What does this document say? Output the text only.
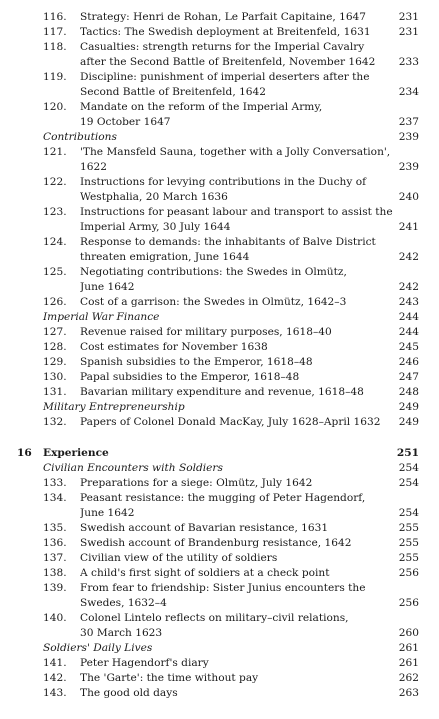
116.	Strategy: Henri de Rohan, Le Parfait Capitaine, 1647	231
117.	Tactics: The Swedish deployment at Breitenfeld, 1631	231
118.	Casualties: strength returns for the Imperial Cavalry
after the Second Battle of Breitenfeld, November 1642	233
119.	Discipline: punishment of imperial deserters after the
Second Battle of Breitenfeld, 1642	234
120.	Mandate on the reform of the Imperial Army,
19 October 1647	237
Contributions	239
121.	'The Mansfeld Sauna, together with a Jolly Conversation',
1622	239
122.	Instructions for levying contributions in the Duchy of
Westphalia, 20 March 1636	240
123.	Instructions for peasant labour and transport to assist the
Imperial Army, 30 July 1644	241
124.	Response to demands: the inhabitants of Balve District
threaten emigration, June 1644	242
125.	Negotiating contributions: the Swedes in Olmütz,
June 1642	242
126.	Cost of a garrison: the Swedes in Olmütz, 1642–3	243
Imperial War Finance	244
127.	Revenue raised for military purposes, 1618–40	244
128.	Cost estimates for November 1638	245
129.	Spanish subsidies to the Emperor, 1618–48	246
130.	Papal subsidies to the Emperor, 1618–48	247
131.	Bavarian military expenditure and revenue, 1618–48	248
Military Entrepreneurship	249
132.	Papers of Colonel Donald MacKay, July 1628–April 1632	249
16 Experience	251
Civilian Encounters with Soldiers	254
133.	Preparations for a siege: Olmütz, July 1642	254
134.	Peasant resistance: the mugging of Peter Hagendorf,
June 1642	254
135.	Swedish account of Bavarian resistance, 1631	255
136.	Swedish account of Brandenburg resistance, 1642	255
137.	Civilian view of the utility of soldiers	255
138.	A child's first sight of soldiers at a check point	256
139.	From fear to friendship: Sister Junius encounters the
Swedes, 1632–4	256
140.	Colonel Lintelo reflects on military–civil relations,
30 March 1623	260
Soldiers' Daily Lives	261
141.	Peter Hagendorf's diary	261
142.	The 'Garte': the time without pay	262
143.	The good old days	263
